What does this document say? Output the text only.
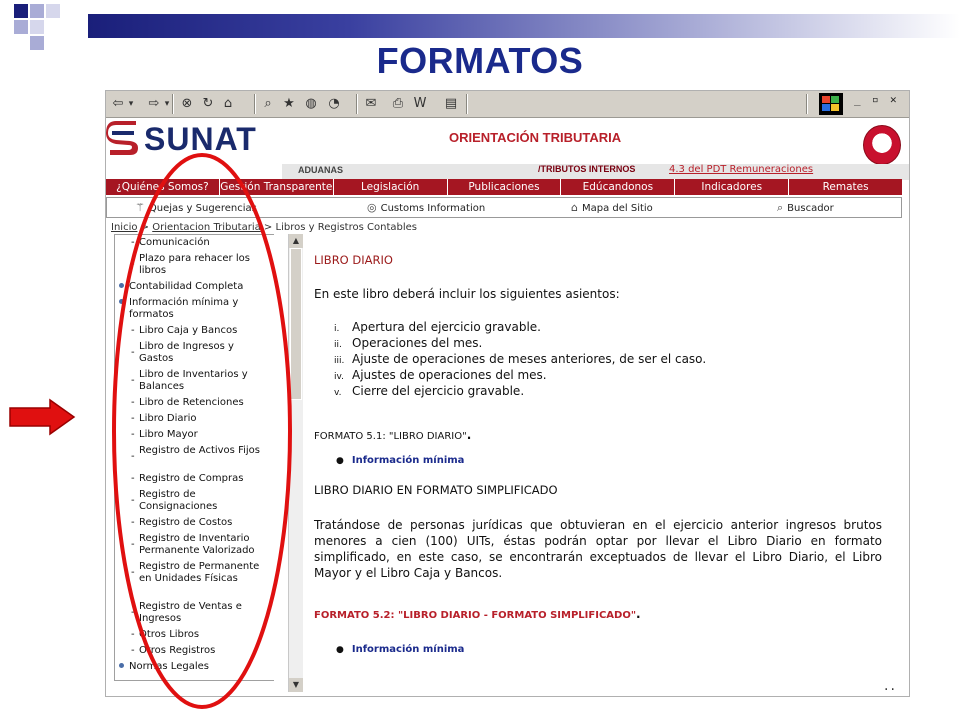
FORMATOS
⇦ ▾ ⇨ ▾ ⊗ ↻ ⌂	⌕ ★ ◍ ◔ ✉ ⎙ W ▤	_ ▫ ✕
SUNAT	ORIENTACIÓN TRIBUTARIA
ADUANAS	/TRIBUTOS INTERNOS	4.3 del PDT Remuneraciones
¿Quiénes Somos?	Gestión Transparente	Legislación	Publicaciones	Edúcandonos	Indicadores	Remates
⚚ Quejas y Sugerencias	◎ Customs Information	⌂ Mapa del Sitio	⌕ Buscador
Inicio > Orientacion Tributaria > Libros y Registros Contables
- Comunicación
-
Plazo para rehacer los libros
Contabilidad Completa
Información mínima y formatos
- Libro Caja y Bancos
-
Libro de Ingresos y Gastos
-
Libro de Inventarios y Balances
- Libro de Retenciones
- Libro Diario
- Libro Mayor
-
Registro de Activos Fijos
- Registro de Compras
-
Registro de Consignaciones
- Registro de Costos
-
Registro de Inventario Permanente Valorizado
-
Registro de Permanente en Unidades Físicas
-
Registro de Ventas e Ingresos
- Otros Libros
- Otros Registros
Normas Legales
▲
▼
LIBRO DIARIO
En este libro deberá incluir los siguientes asientos:
i. Apertura del ejercicio gravable.
ii. Operaciones del mes.
iii. Ajuste de operaciones de meses anteriores, de ser el caso.
iv. Ajustes de operaciones del mes.
v. Cierre del ejercicio gravable.
FORMATO 5.1: "LIBRO DIARIO".
● Información mínima
LIBRO DIARIO EN FORMATO SIMPLIFICADO
Tratándose de personas jurídicas que obtuvieran en el ejercicio anterior ingresos brutos menores a cien (100) UITs, éstas podrán optar por llevar el Libro Diario en formato simplificado, en este caso, se encontrarán exceptuados de llevar el Libro Diario, el Libro Mayor y el Libro Caja y Bancos.
FORMATO 5.2: "LIBRO DIARIO - FORMATO SIMPLIFICADO".
● Información mínima
..
